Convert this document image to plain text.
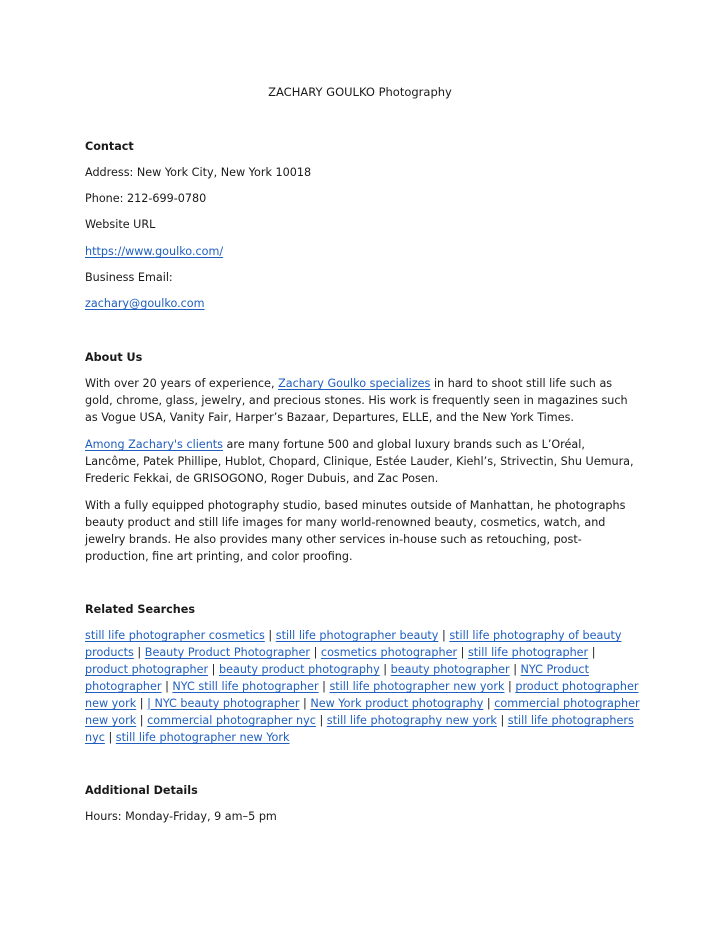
ZACHARY GOULKO Photography

Contact

Address: New York City, New York 10018

Phone: 212-699-0780

Website URL

https://www.goulko.com/

Business Email:

zachary@goulko.com

About Us

With over 20 years of experience, Zachary Goulko specializes in hard to shoot still life such as gold, chrome, glass, jewelry, and precious stones. His work is frequently seen in magazines such as Vogue USA, Vanity Fair, Harper’s Bazaar, Departures, ELLE, and the New York Times.

Among Zachary's clients are many fortune 500 and global luxury brands such as L’Oréal, Lancôme, Patek Phillipe, Hublot, Chopard, Clinique, Estée Lauder, Kiehl’s, Strivectin, Shu Uemura, Frederic Fekkai, de GRISOGONO, Roger Dubuis, and Zac Posen.

With a fully equipped photography studio, based minutes outside of Manhattan, he photographs beauty product and still life images for many world-renowned beauty, cosmetics, watch, and jewelry brands. He also provides many other services in-house such as retouching, post-production, fine art printing, and color proofing.

Related Searches

still life photographer cosmetics | still life photographer beauty | still life photography of beauty products | Beauty Product Photographer | cosmetics photographer | still life photographer | product photographer | beauty product photography | beauty photographer | NYC Product photographer | NYC still life photographer | still life photographer new york | product photographer new york | | NYC beauty photographer | New York product photography | commercial photographer new york | commercial photographer nyc | still life photography new york | still life photographers nyc | still life photographer new York

Additional Details

Hours: Monday-Friday, 9 am–5 pm
